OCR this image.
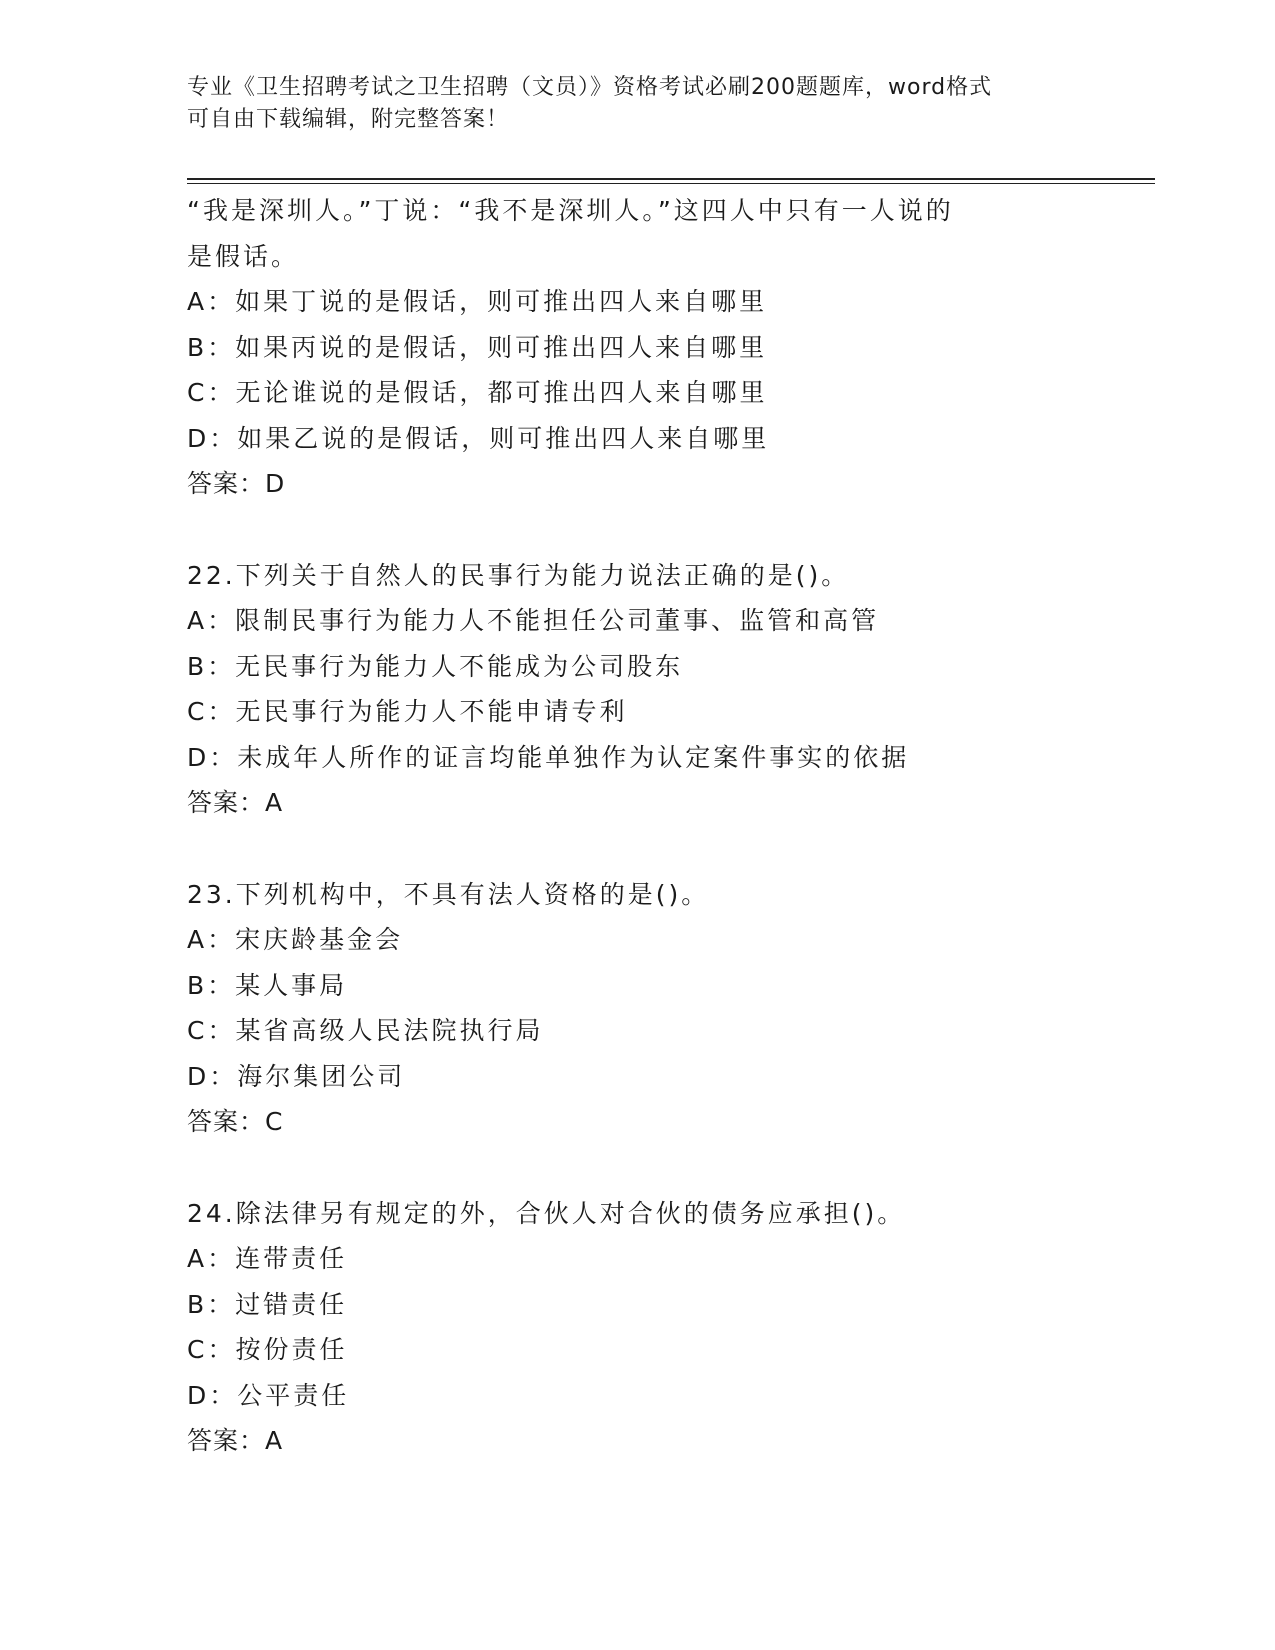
专业《卫生招聘考试之卫生招聘（文员）》资格考试必刷200题题库，word格式
可自由下载编辑，附完整答案！
“我是深圳人。”丁说：“我不是深圳人。”这四人中只有一人说的
是假话。
A：如果丁说的是假话，则可推出四人来自哪里
B：如果丙说的是假话，则可推出四人来自哪里
C：无论谁说的是假话，都可推出四人来自哪里
D：如果乙说的是假话，则可推出四人来自哪里
答案：D
22.下列关于自然人的民事行为能力说法正确的是()。
A：限制民事行为能力人不能担任公司董事、监管和高管
B：无民事行为能力人不能成为公司股东
C：无民事行为能力人不能申请专利
D：未成年人所作的证言均能单独作为认定案件事实的依据
答案：A
23.下列机构中，不具有法人资格的是()。
A：宋庆龄基金会
B：某人事局
C：某省高级人民法院执行局
D：海尔集团公司
答案：C
24.除法律另有规定的外，合伙人对合伙的债务应承担()。
A：连带责任
B：过错责任
C：按份责任
D：公平责任
答案：A
